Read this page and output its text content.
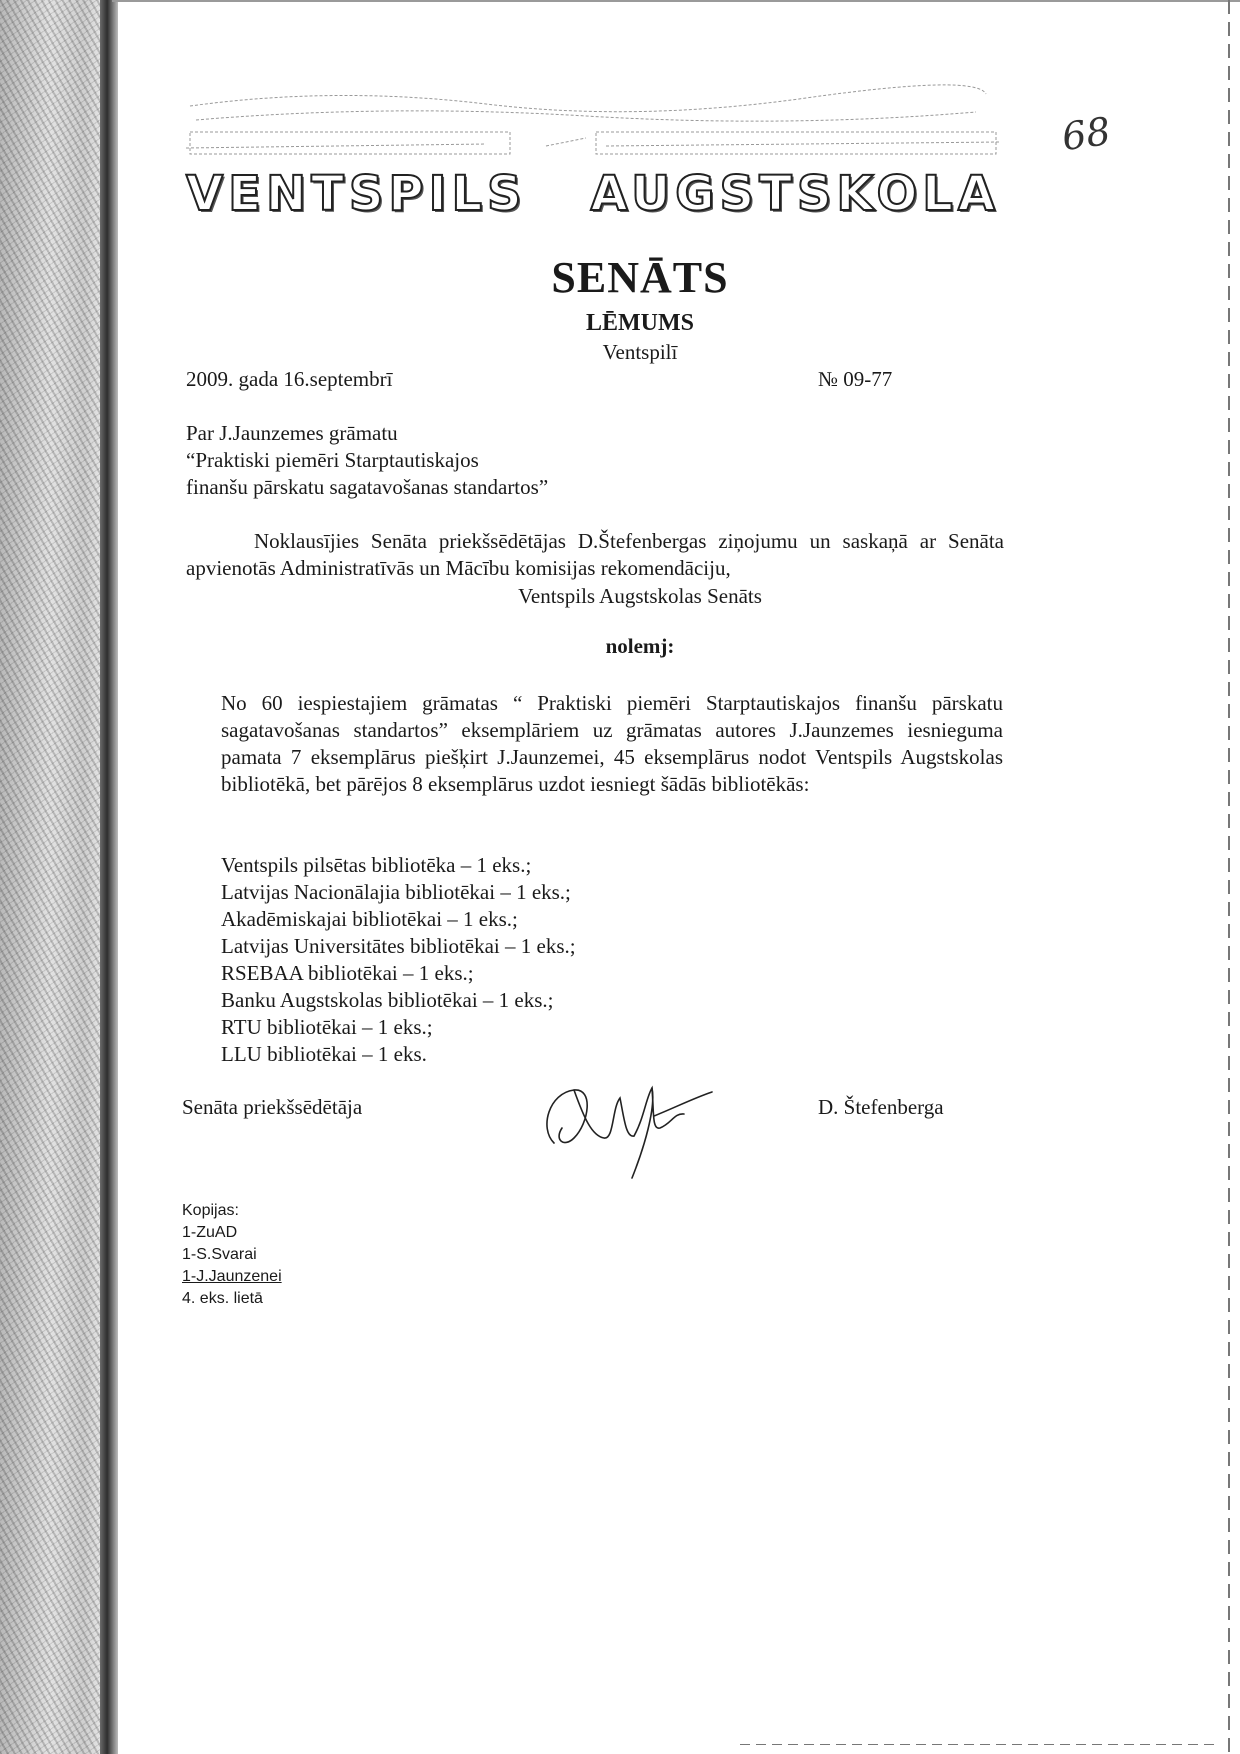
VENTSPILS AUGSTSKOLA
68
SENĀTS
LĒMUMS
Ventspilī
2009. gada 16.septembrī	№ 09-77
Par J.Jaunzemes grāmatu
“Praktiski piemēri Starptautiskajos
finanšu pārskatu sagatavošanas standartos”
Noklausījies Senāta priekšsēdētājas D.Štefenbergas ziņojumu un saskaņā ar Senāta apvienotās Administratīvās un Mācību komisijas rekomendāciju,
Ventspils Augstskolas Senāts
nolemj:
No 60 iespiestajiem grāmatas “ Praktiski piemēri Starptautiskajos finanšu pārskatu sagatavošanas standartos” eksemplāriem uz grāmatas autores J.Jaunzemes iesnieguma pamata 7 eksemplārus piešķirt J.Jaunzemei, 45 eksemplārus nodot Ventspils Augstskolas bibliotēkā, bet pārējos 8 eksemplārus uzdot iesniegt šādās bibliotēkās:
Ventspils pilsētas bibliotēka – 1 eks.;
Latvijas Nacionālajia bibliotēkai – 1 eks.;
Akadēmiskajai bibliotēkai – 1 eks.;
Latvijas Universitātes bibliotēkai – 1 eks.;
RSEBAA bibliotēkai – 1 eks.;
Banku Augstskolas bibliotēkai – 1 eks.;
RTU bibliotēkai – 1 eks.;
LLU bibliotēkai – 1 eks.
Senāta priekšsēdētāja	D. Štefenberga
Kopijas:
1-ZuAD
1-S.Svarai
1-J.Jaunzenei
4. eks. lietā
